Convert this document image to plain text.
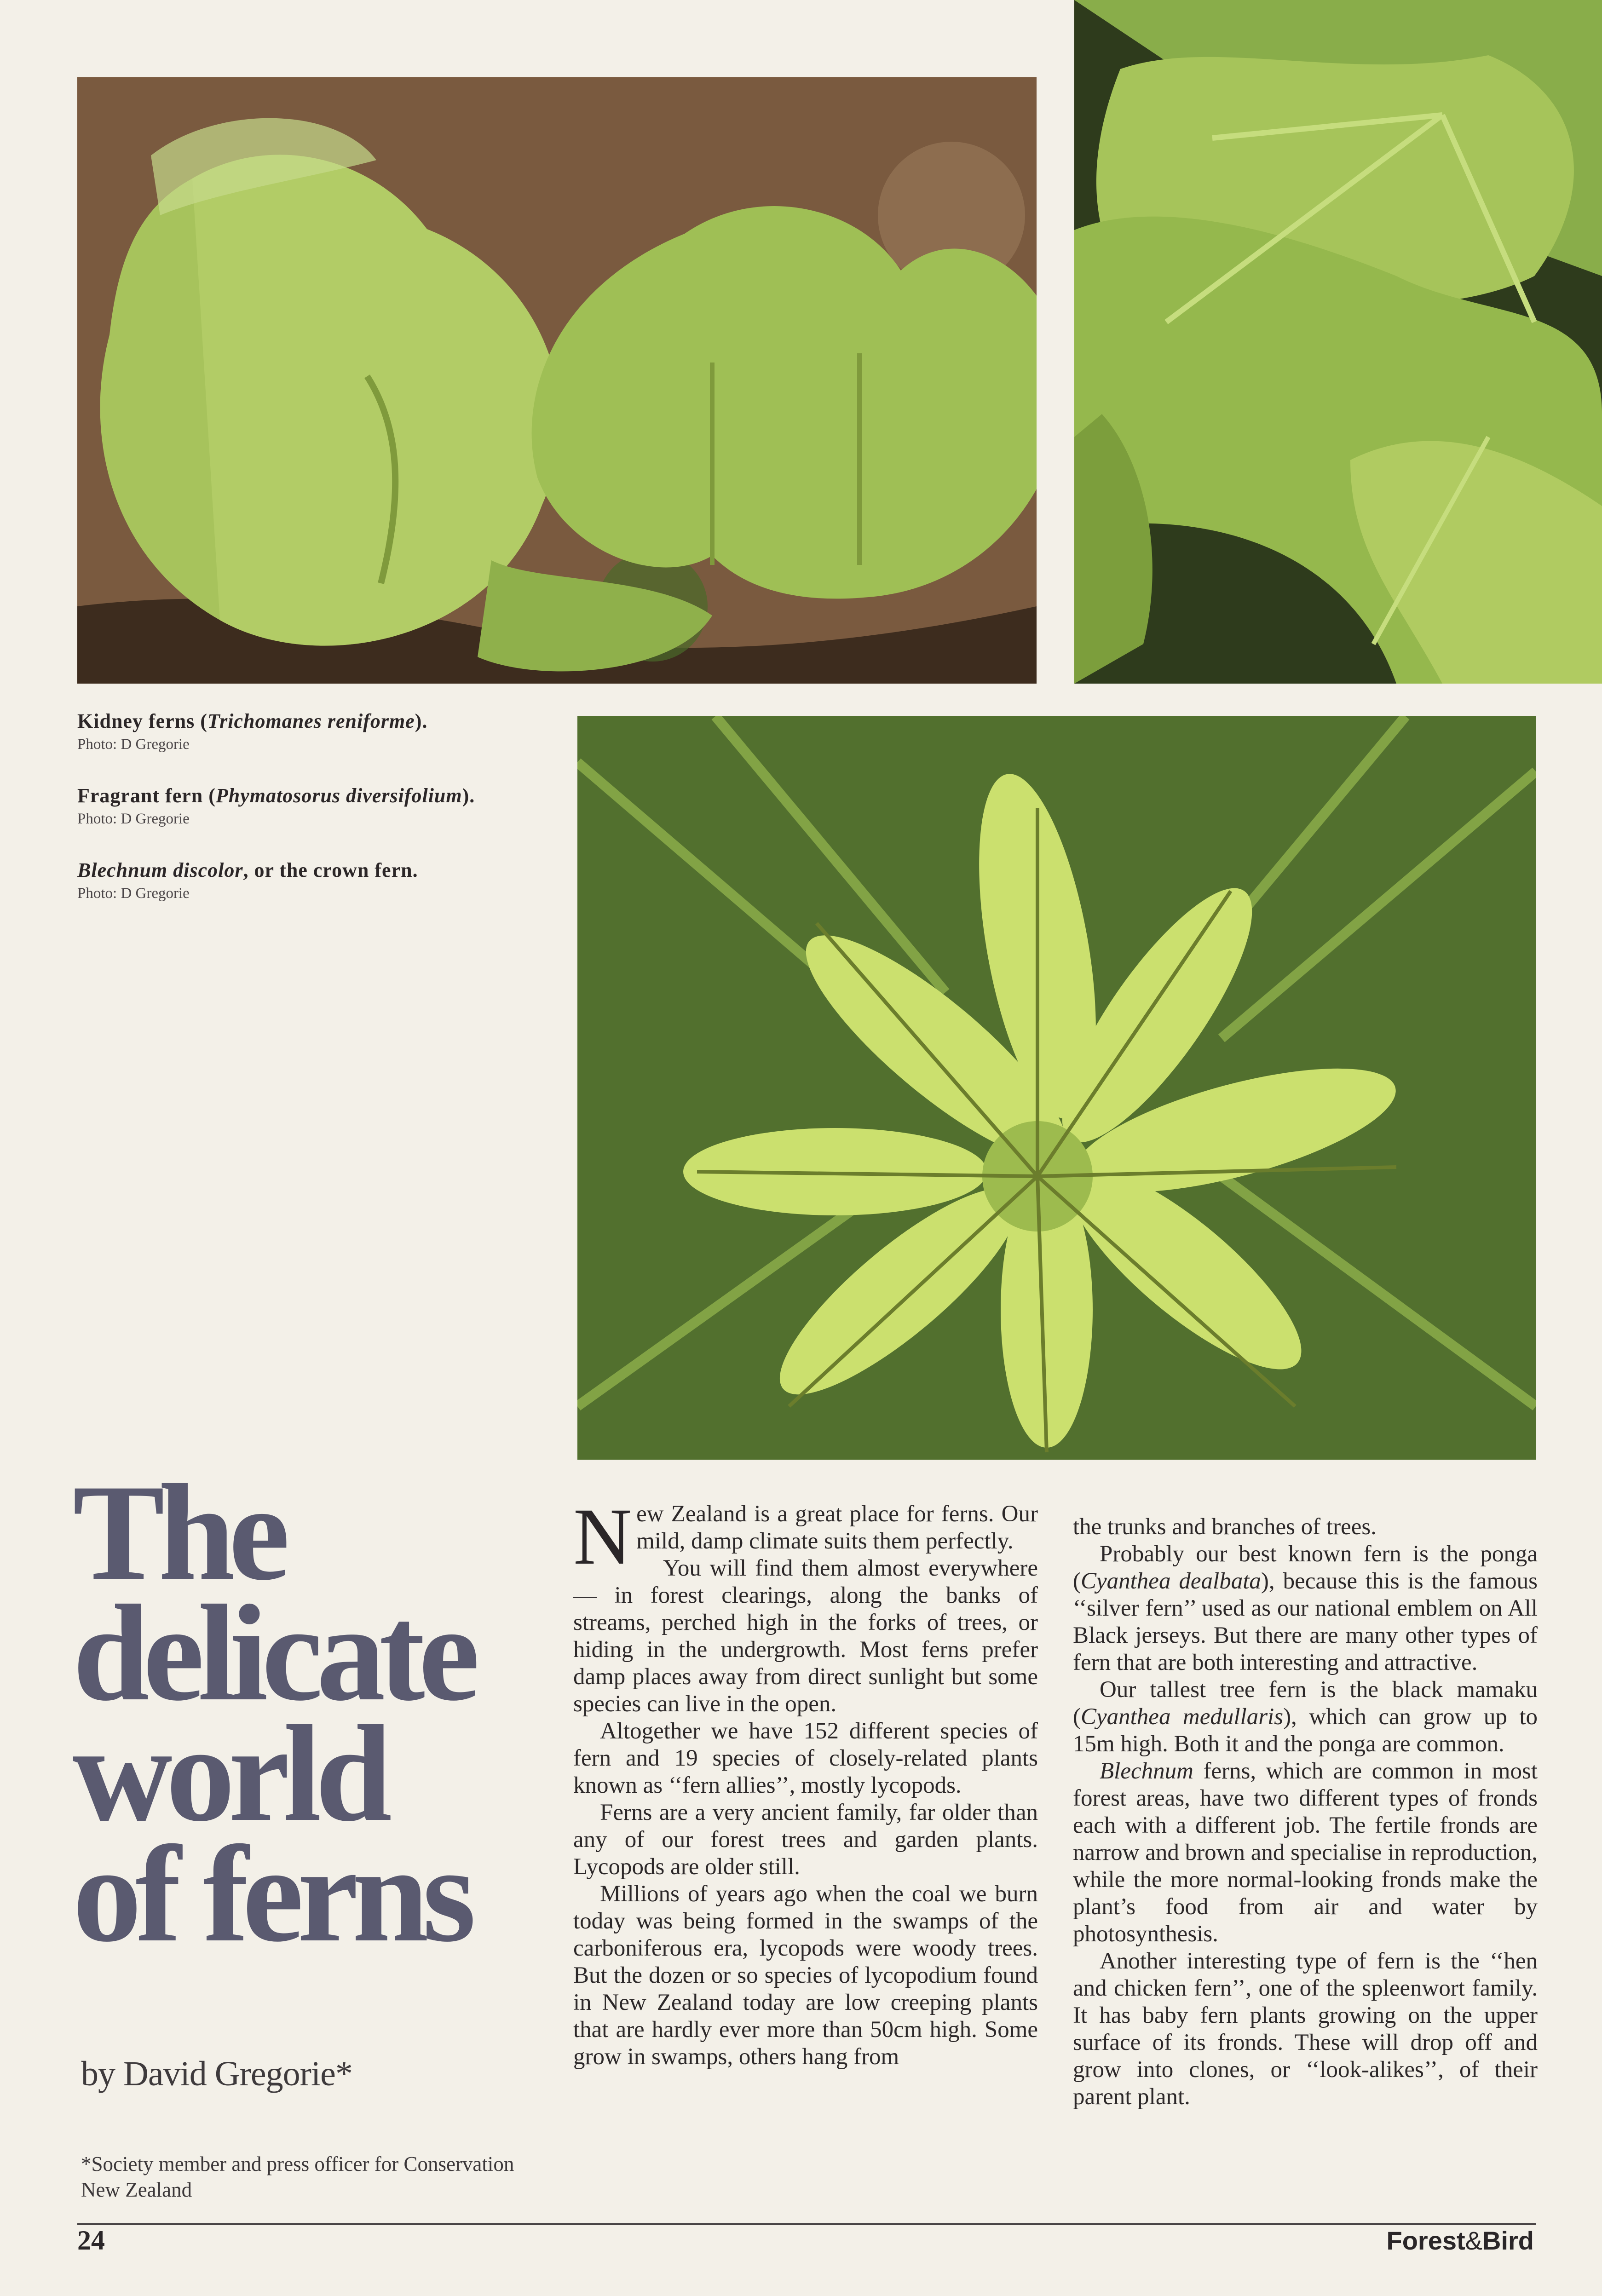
Kidney ferns (Trichomanes reniforme).
Photo: D Gregorie
Fragrant fern (Phymatosorus diversifolium).
Photo: D Gregorie
Blechnum discolor, or the crown fern.
Photo: D Gregorie
The
delicate
world
of ferns
by David Gregorie*
*Society member and press officer for Conservation New Zealand

New Zealand is a great place for ferns. Our mild, damp climate suits them perfectly.

You will find them almost everywhere — in forest clearings, along the banks of streams, perched high in the forks of trees, or hiding in the undergrowth. Most ferns prefer damp places away from direct sunlight but some species can live in the open.

Altogether we have 152 different species of fern and 19 species of closely-related plants known as ‘‘fern allies’’, mostly lycopods.

Ferns are a very ancient family, far older than any of our forest trees and garden plants. Lycopods are older still.

Millions of years ago when the coal we burn today was being formed in the swamps of the carboniferous era, lycopods were woody trees. But the dozen or so species of lycopodium found in New Zealand today are low creeping plants that are hardly ever more than 50cm high. Some grow in swamps, others hang from

the trunks and branches of trees.

Probably our best known fern is the ponga (Cyanthea dealbata), because this is the famous ‘‘silver fern’’ used as our national emblem on All Black jerseys. But there are many other types of fern that are both interesting and attractive.

Our tallest tree fern is the black mamaku (Cyanthea medullaris), which can grow up to 15m high. Both it and the ponga are common.

Blechnum ferns, which are common in most forest areas, have two different types of fronds each with a different job. The fertile fronds are narrow and brown and specialise in reproduction, while the more normal-looking fronds make the plant’s food from air and water by photosynthesis.

Another interesting type of fern is the ‘‘hen and chicken fern’’, one of the spleenwort family. It has baby fern plants growing on the upper surface of its fronds. These will drop off and grow into clones, or ‘‘look-alikes’’, of their parent plant.

24	Forest&Bird
